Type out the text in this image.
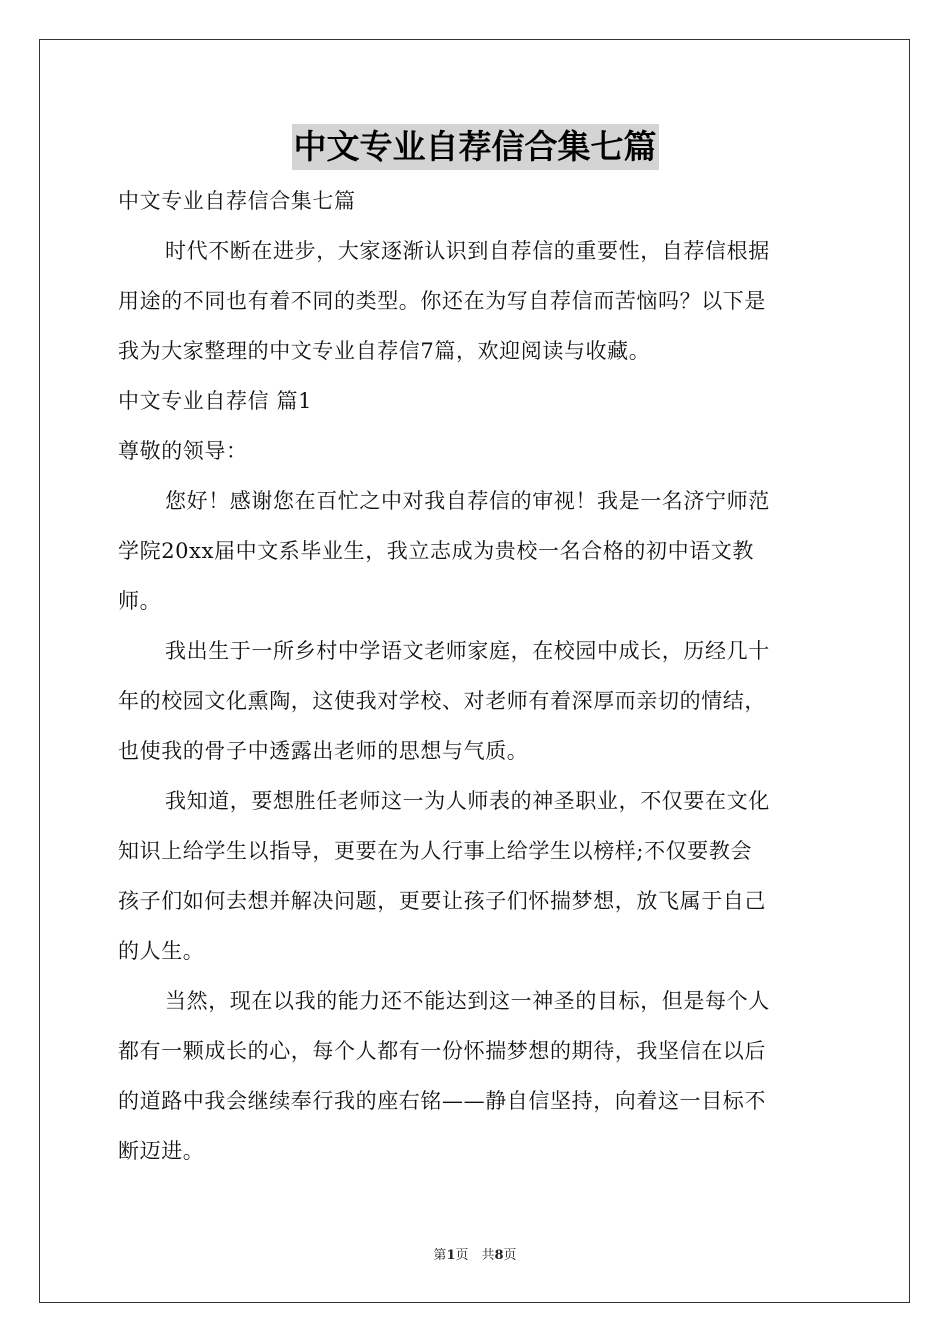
中文专业自荐信合集七篇

中文专业自荐信合集七篇

时代不断在进步，大家逐渐认识到自荐信的重要性，自荐信根据

用途的不同也有着不同的类型。你还在为写自荐信而苦恼吗？以下是

我为大家整理的中文专业自荐信7篇，欢迎阅读与收藏。

中文专业自荐信 篇1

尊敬的领导：

您好！感谢您在百忙之中对我自荐信的审视！我是一名济宁师范

学院20xx届中文系毕业生，我立志成为贵校一名合格的初中语文教

师。

我出生于一所乡村中学语文老师家庭，在校园中成长，历经几十

年的校园文化熏陶，这使我对学校、对老师有着深厚而亲切的情结，

也使我的骨子中透露出老师的思想与气质。

我知道，要想胜任老师这一为人师表的神圣职业，不仅要在文化

知识上给学生以指导，更要在为人行事上给学生以榜样;不仅要教会

孩子们如何去想并解决问题，更要让孩子们怀揣梦想，放飞属于自己

的人生。

当然，现在以我的能力还不能达到这一神圣的目标，但是每个人

都有一颗成长的心，每个人都有一份怀揣梦想的期待，我坚信在以后

的道路中我会继续奉行我的座右铭——静自信坚持，向着这一目标不

断迈进。

第1页　共8页
